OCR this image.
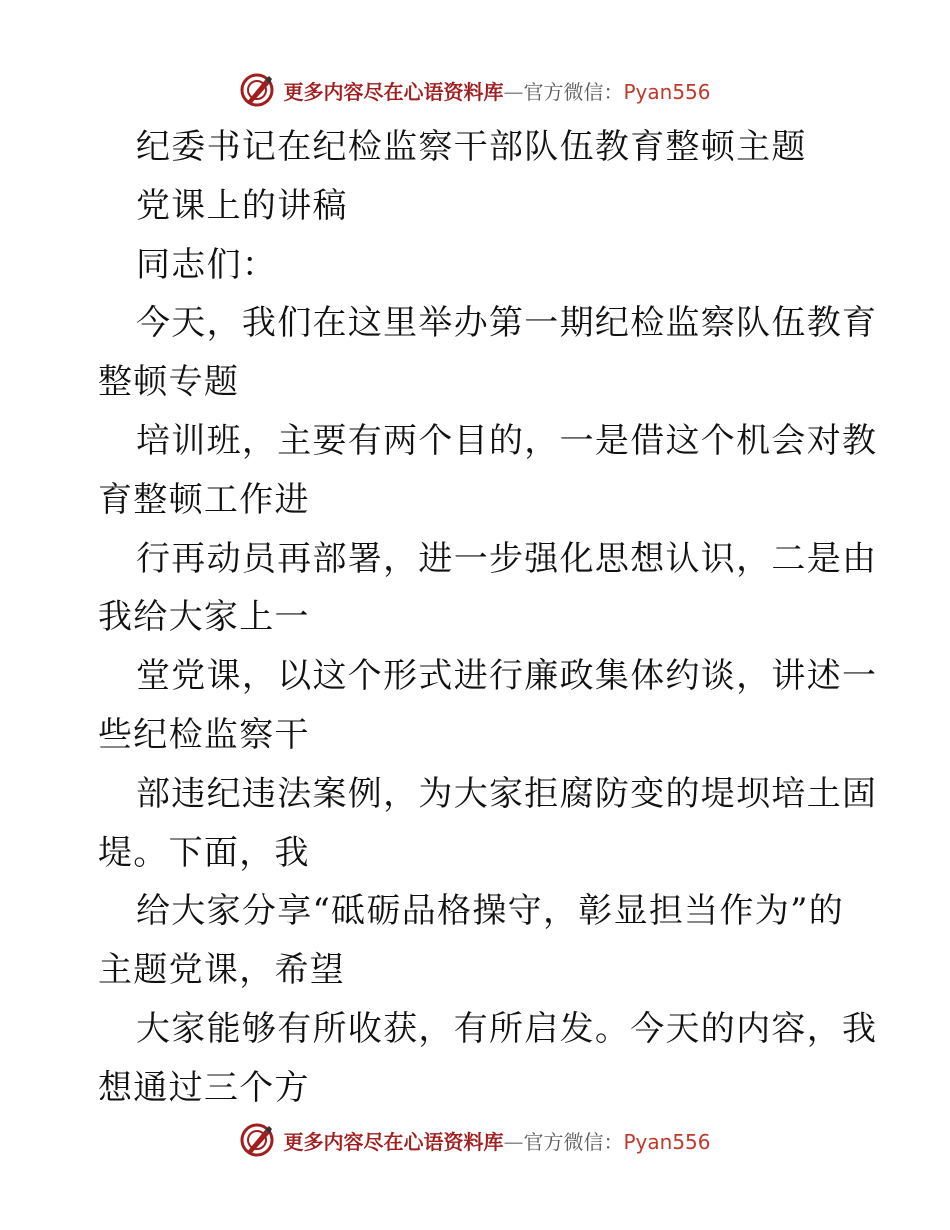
更多内容尽在心语资料库—官方微信：Pyan556
纪委书记在纪检监察干部队伍教育整顿主题
党课上的讲稿
同志们：
今天，我们在这里举办第一期纪检监察队伍教育
整顿专题
培训班，主要有两个目的，一是借这个机会对教
育整顿工作进
行再动员再部署，进一步强化思想认识，二是由
我给大家上一
堂党课，以这个形式进行廉政集体约谈，讲述一
些纪检监察干
部违纪违法案例，为大家拒腐防变的堤坝培土固
堤。下面，我
给大家分享“砥砺品格操守，彰显担当作为”的
主题党课，希望
大家能够有所收获，有所启发。今天的内容，我
想通过三个方
更多内容尽在心语资料库—官方微信：Pyan556
